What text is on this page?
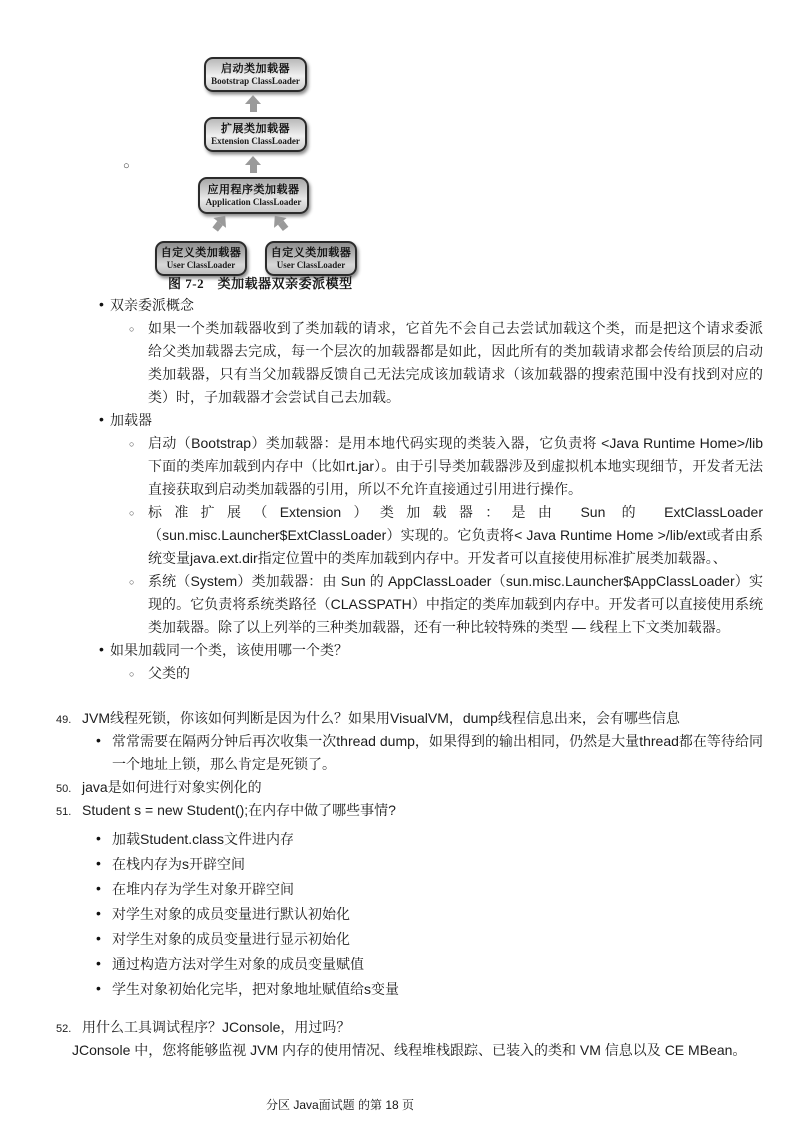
○
启动类加载器
Bootstrap ClassLoader
扩展类加载器
Extension ClassLoader
应用程序类加载器
Application ClassLoader
自定义类加载器
User ClassLoader
自定义类加载器
User ClassLoader
图 7-2　类加载器双亲委派模型
• 双亲委派概念
○ 如果一个类加载器收到了类加载的请求，它首先不会自己去尝试加载这个类，而是把这个请求委派给父类加载器去完成，每一个层次的加载器都是如此，因此所有的类加载请求都会传给顶层的启动类加载器，只有当父加载器反馈自己无法完成该加载请求（该加载器的搜索范围中没有找到对应的类）时，子加载器才会尝试自己去加载。
• 加载器
○ 启动（Bootstrap）类加载器：是用本地代码实现的类装入器，它负责将 <Java Runtime Home>/lib下面的类库加载到内存中（比如rt.jar）。由于引导类加载器涉及到虚拟机本地实现细节，开发者无法直接获取到启动类加载器的引用，所以不允许直接通过引用进行操作。
○ 标准扩展（Extension）类加载器：是由 Sun 的 ExtClassLoader（sun.misc.Launcher$ExtClassLoader）实现的。它负责将< Java Runtime Home >/lib/ext或者由系统变量java.ext.dir指定位置中的类库加载到内存中。开发者可以直接使用标准扩展类加载器。、
○ 系统（System）类加载器：由 Sun 的 AppClassLoader（sun.misc.Launcher$AppClassLoader）实现的。它负责将系统类路径（CLASSPATH）中指定的类库加载到内存中。开发者可以直接使用系统类加载器。除了以上列举的三种类加载器，还有一种比较特殊的类型 — 线程上下文类加载器。
• 如果加载同一个类，该使用哪一个类？
○ 父类的
49. JVM线程死锁，你该如何判断是因为什么？如果用VisualVM，dump线程信息出来，会有哪些信息
• 常常需要在隔两分钟后再次收集一次thread dump，如果得到的输出相同，仍然是大量thread都在等待给同一个地址上锁，那么肯定是死锁了。
50. java是如何进行对象实例化的
51. Student s = new Student();在内存中做了哪些事情?
• 加载Student.class文件进内存
• 在栈内存为s开辟空间
• 在堆内存为学生对象开辟空间
• 对学生对象的成员变量进行默认初始化
• 对学生对象的成员变量进行显示初始化
• 通过构造方法对学生对象的成员变量赋值
• 学生对象初始化完毕，把对象地址赋值给s变量
52. 用什么工具调试程序？JConsole，用过吗？
JConsole 中，您将能够监视 JVM 内存的使用情况、线程堆栈跟踪、已装入的类和 VM 信息以及 CE MBean。
分区 Java面试题 的第 18 页
